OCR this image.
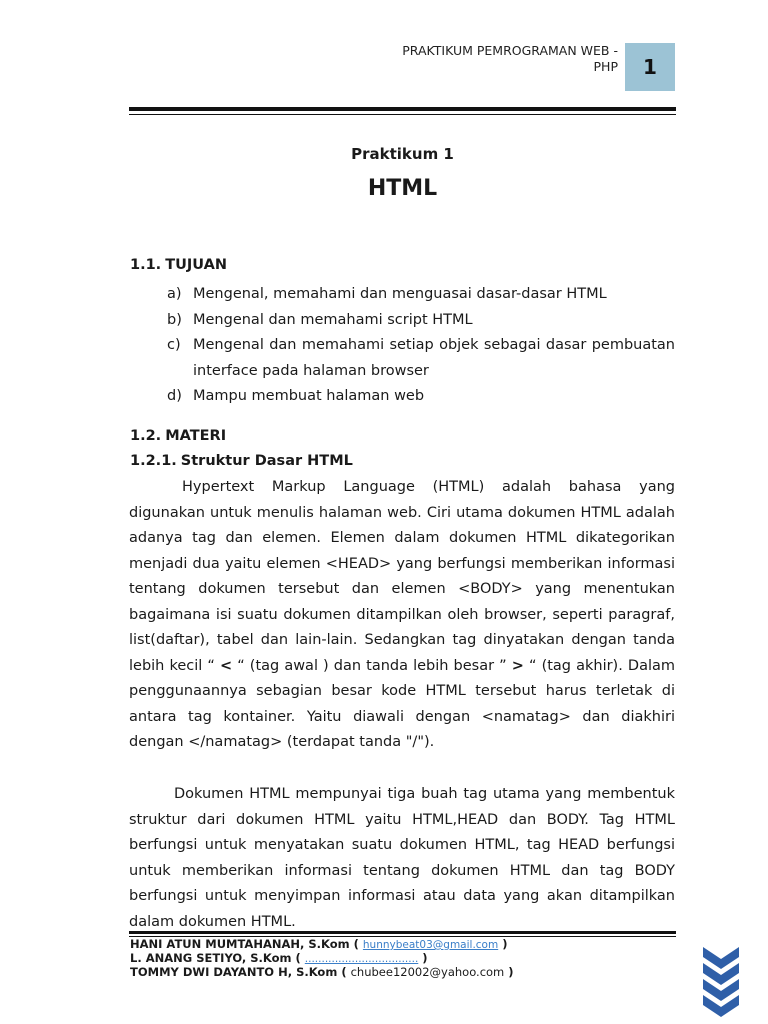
PRAKTIKUM PEMROGRAMAN WEB -
PHP 1
Praktikum 1
HTML
1.1. TUJUAN
a) Mengenal, memahami dan menguasai dasar-dasar HTML
b) Mengenal dan memahami script HTML
c) Mengenal dan memahami setiap objek sebagai dasar pembuatan interface pada halaman browser
d) Mampu membuat halaman web
1.2. MATERI
1.2.1. Struktur Dasar HTML

Hypertext Markup Language (HTML) adalah bahasa yang digunakan untuk menulis halaman web. Ciri utama dokumen HTML adalah adanya tag dan elemen. Elemen dalam dokumen HTML dikategorikan menjadi dua yaitu elemen <HEAD> yang berfungsi memberikan informasi tentang dokumen tersebut dan elemen <BODY> yang menentukan bagaimana isi suatu dokumen ditampilkan oleh browser, seperti paragraf, list(daftar), tabel dan lain-lain. Sedangkan tag dinyatakan dengan tanda lebih kecil “ < “ (tag awal ) dan tanda lebih besar ” > “ (tag akhir). Dalam penggunaannya sebagian besar kode HTML tersebut harus terletak di antara tag kontainer. Yaitu diawali dengan <namatag> dan diakhiri dengan </namatag> (terdapat tanda "/").

Dokumen HTML mempunyai tiga buah tag utama yang membentuk struktur dari dokumen HTML yaitu HTML,HEAD dan BODY. Tag HTML berfungsi untuk menyatakan suatu dokumen HTML, tag HEAD berfungsi untuk memberikan informasi tentang dokumen HTML dan tag BODY berfungsi untuk menyimpan informasi atau data yang akan ditampilkan dalam dokumen HTML.

HANI ATUN MUMTAHANAH, S.Kom ( hunnybeat03@gmail.com )
L. ANANG SETIYO, S.Kom ( .................................. )
TOMMY DWI DAYANTO H, S.Kom ( chubee12002@yahoo.com )
